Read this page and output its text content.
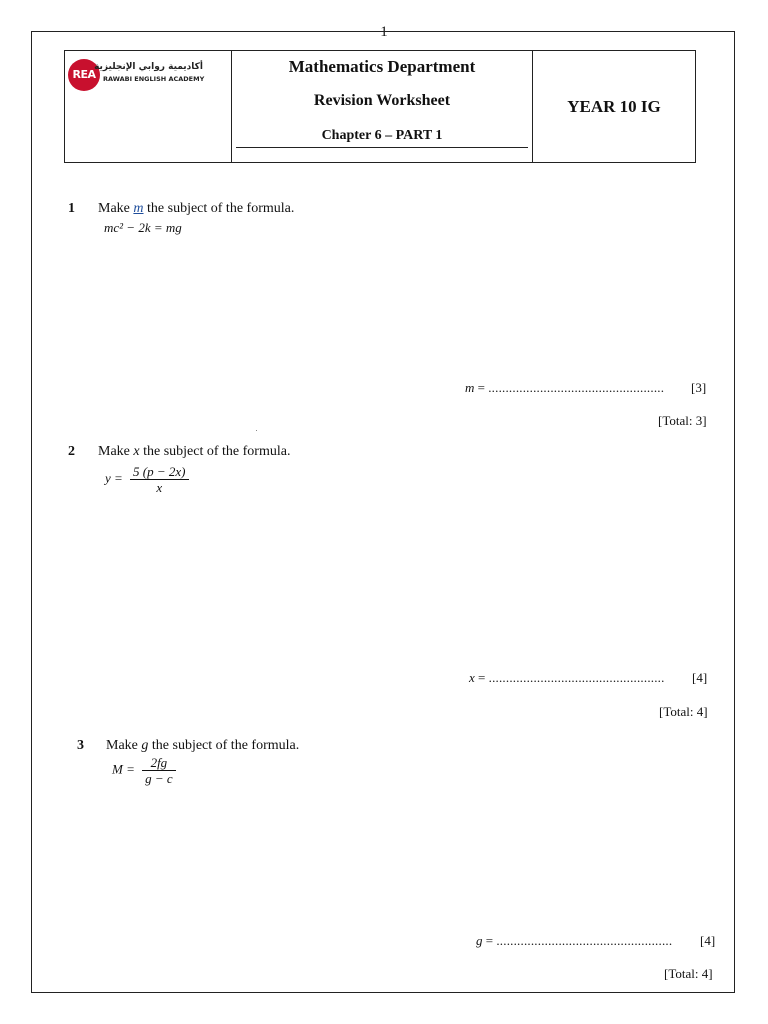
1
REA
أكاديمية روابي الإنجليزية
RAWABI ENGLISH ACADEMY
Mathematics Department
Revision Worksheet
Chapter 6 – PART 1
YEAR 10 IG
1 Make m the subject of the formula.
mc² − 2k = mg
m = ................................................... [3]
[Total: 3]
2 Make x the subject of the formula.
$y = \frac{5 (p - 2x)}{x}$
x = ................................................... [4]
[Total: 4]
3 Make g the subject of the formula.
$M = \frac{2fg}{g - c}$
g = ................................................... [4]
[Total: 4]
